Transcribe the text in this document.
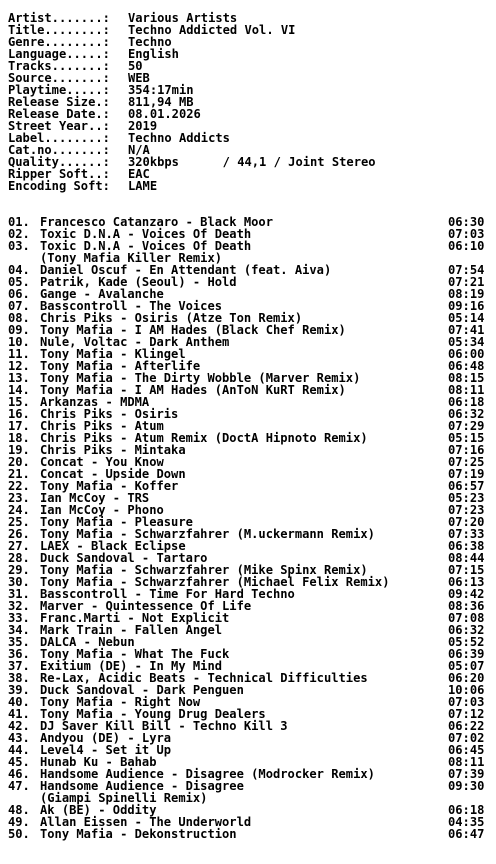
Artist.......:	Various Artists
Title........:	Techno Addicted Vol. VI
Genre........:	Techno
Language.....:	English
Tracks.......:	50
Source.......:	WEB
Playtime.....:	354:17min
Release Size.:	811,94 MB
Release Date.:	08.01.2026
Street Year..:	2019
Label........:	Techno Addicts
Cat.no.......:	N/A
Quality......:	320kbps      / 44,1 / Joint Stereo
Ripper Soft..:	EAC
Encoding Soft:	LAME
01. Francesco Catanzaro - Black Moor	06:30
02. Toxic D.N.A - Voices Of Death	07:03
03. Toxic D.N.A - Voices Of Death	06:10
(Tony Mafia Killer Remix)
04. Daniel Oscuf - En Attendant (feat. Aiva)	07:54
05. Patrik, Kade (Seoul) - Hold	07:21
06. Gange - Avalanche	08:19
07. Basscontroll - The Voices	09:16
08. Chris Piks - Osiris (Atze Ton Remix)	05:14
09. Tony Mafia - I AM Hades (Black Chef Remix)	07:41
10. Nule, Voltac - Dark Anthem	05:34
11. Tony Mafia - Klingel	06:00
12. Tony Mafia - Afterlife	06:48
13. Tony Mafia - The Dirty Wobble (Marver Remix)	08:15
14. Tony Mafia - I AM Hades (AnToN KuRT Remix)	08:11
15. Arkanzas - MDMA	06:18
16. Chris Piks - Osiris	06:32
17. Chris Piks - Atum	07:29
18. Chris Piks - Atum Remix (DoctA Hipnoto Remix)	05:15
19. Chris Piks - Mintaka	07:16
20. Concat - You Know	07:25
21. Concat - Upside Down	07:19
22. Tony Mafia - Koffer	06:57
23. Ian McCoy - TRS	05:23
24. Ian McCoy - Phono	07:23
25. Tony Mafia - Pleasure	07:20
26. Tony Mafia - Schwarzfahrer (M.uckermann Remix)	07:33
27. LAEX - Black Eclipse	06:38
28. Duck Sandoval - Tartaro	08:44
29. Tony Mafia - Schwarzfahrer (Mike Spinx Remix)	07:15
30. Tony Mafia - Schwarzfahrer (Michael Felix Remix)	06:13
31. Basscontroll - Time For Hard Techno	09:42
32. Marver - Quintessence Of Life	08:36
33. Franc.Marti - Not Explicit	07:08
34. Mark Train - Fallen Angel	06:32
35. DALCA - Nebun	05:52
36. Tony Mafia - What The Fuck	06:39
37. Exitium (DE) - In My Mind	05:07
38. Re-Lax, Acidic Beats - Technical Difficulties	06:20
39. Duck Sandoval - Dark Penguen	10:06
40. Tony Mafia - Right Now	07:03
41. Tony Mafia - Young Drug Dealers	07:12
42. DJ Saver Kill Bill - Techno Kill 3	06:22
43. Andyou (DE) - Lyra	07:02
44. Level4 - Set it Up	06:45
45. Hunab Ku - Bahab	08:11
46. Handsome Audience - Disagree (Modrocker Remix)	07:39
47. Handsome Audience - Disagree	09:30
(Giampi Spinelli Remix)
48. Ak (BE) - Oddity	06:18
49. Allan Eissen - The Underworld	04:35
50. Tony Mafia - Dekonstruction	06:47
